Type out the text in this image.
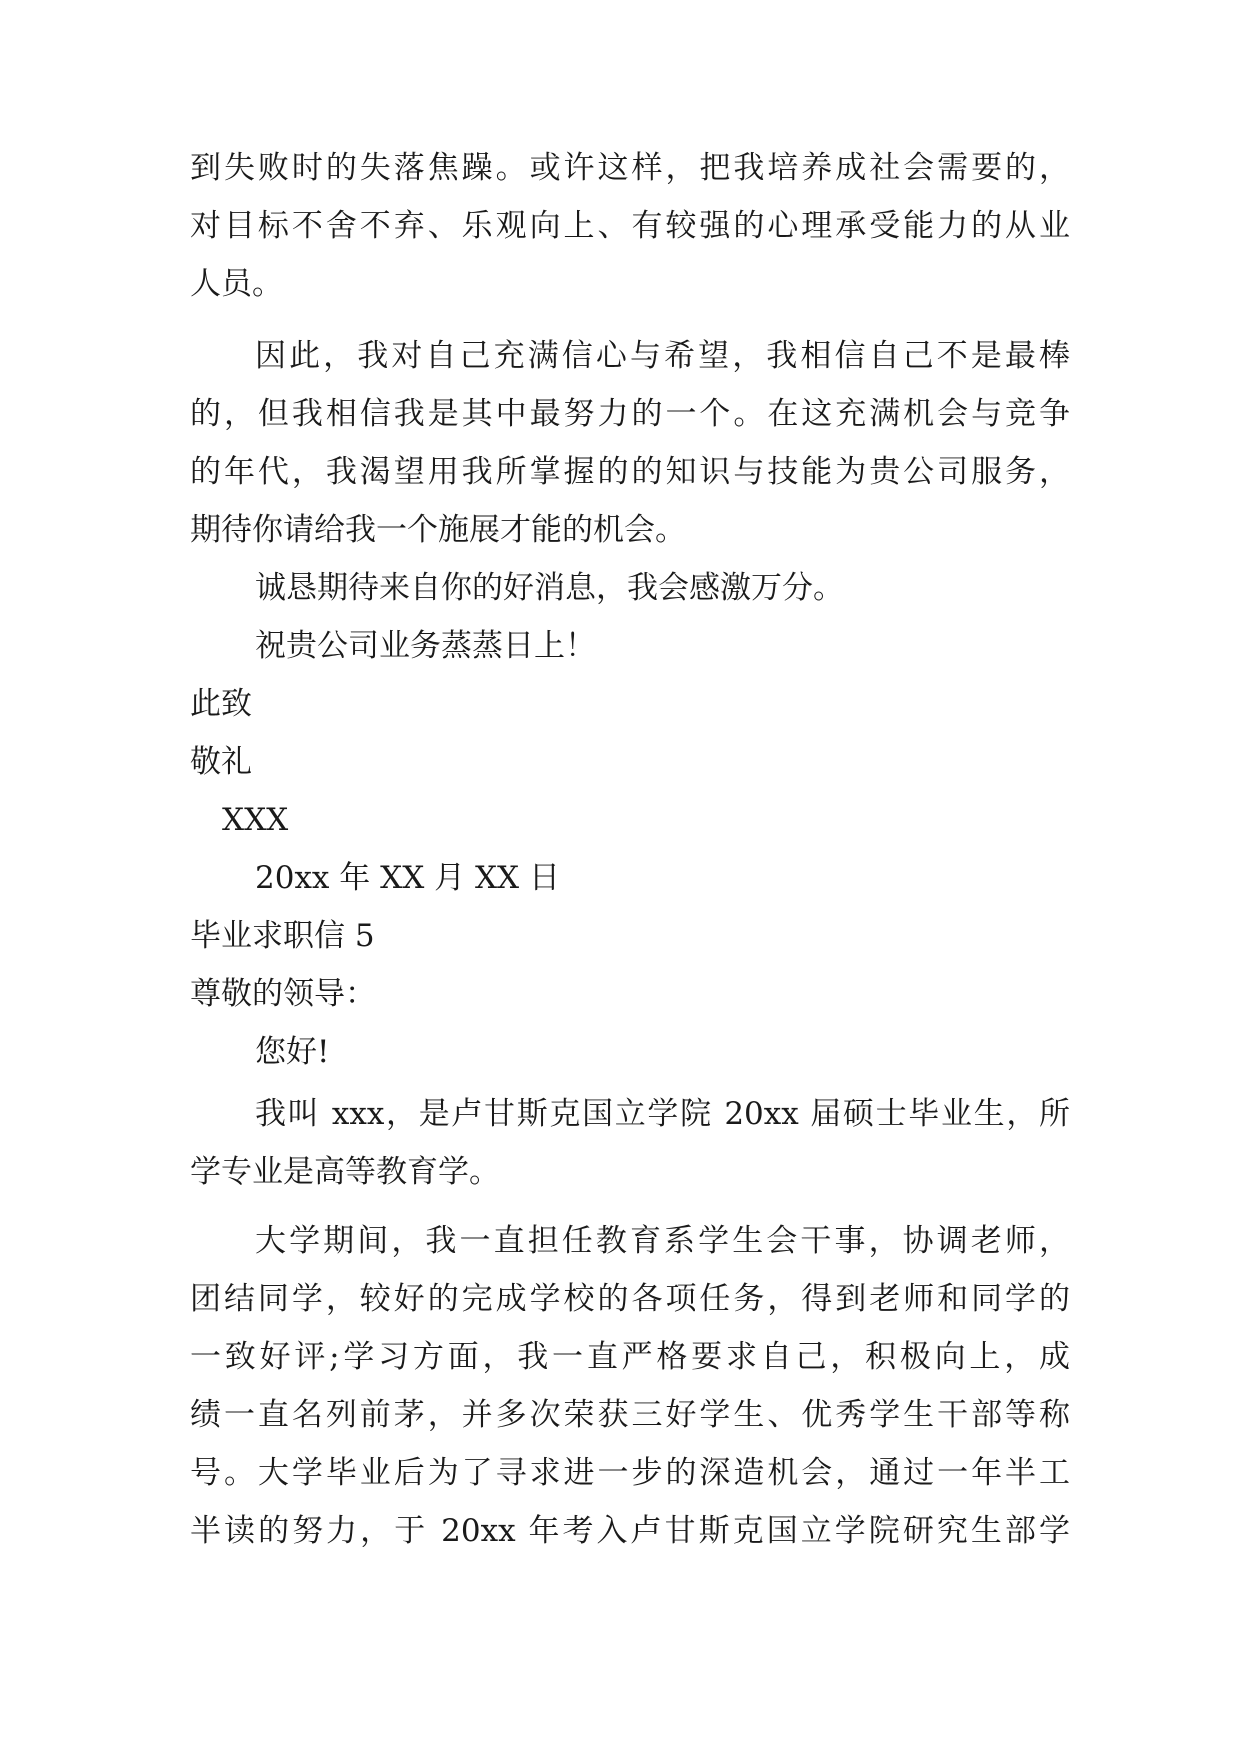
到失败时的失落焦躁。或许这样，把我培养成社会需要的，
对目标不舍不弃、乐观向上、有较强的心理承受能力的从业
人员。
因此，我对自己充满信心与希望，我相信自己不是最棒
的，但我相信我是其中最努力的一个。在这充满机会与竞争
的年代，我渴望用我所掌握的的知识与技能为贵公司服务，
期待你请给我一个施展才能的机会。
诚恳期待来自你的好消息，我会感激万分。
祝贵公司业务蒸蒸日上！
此致
敬礼
XXX
20xx 年 XX 月 XX 日
毕业求职信 5
尊敬的领导：
您好!
我叫 xxx，是卢甘斯克国立学院 20xx 届硕士毕业生，所
学专业是高等教育学。
大学期间，我一直担任教育系学生会干事，协调老师，
团结同学，较好的完成学校的各项任务，得到老师和同学的
一致好评;学习方面，我一直严格要求自己，积极向上，成
绩一直名列前茅，并多次荣获三好学生、优秀学生干部等称
号。大学毕业后为了寻求进一步的深造机会，通过一年半工
半读的努力，于 20xx 年考入卢甘斯克国立学院研究生部学
